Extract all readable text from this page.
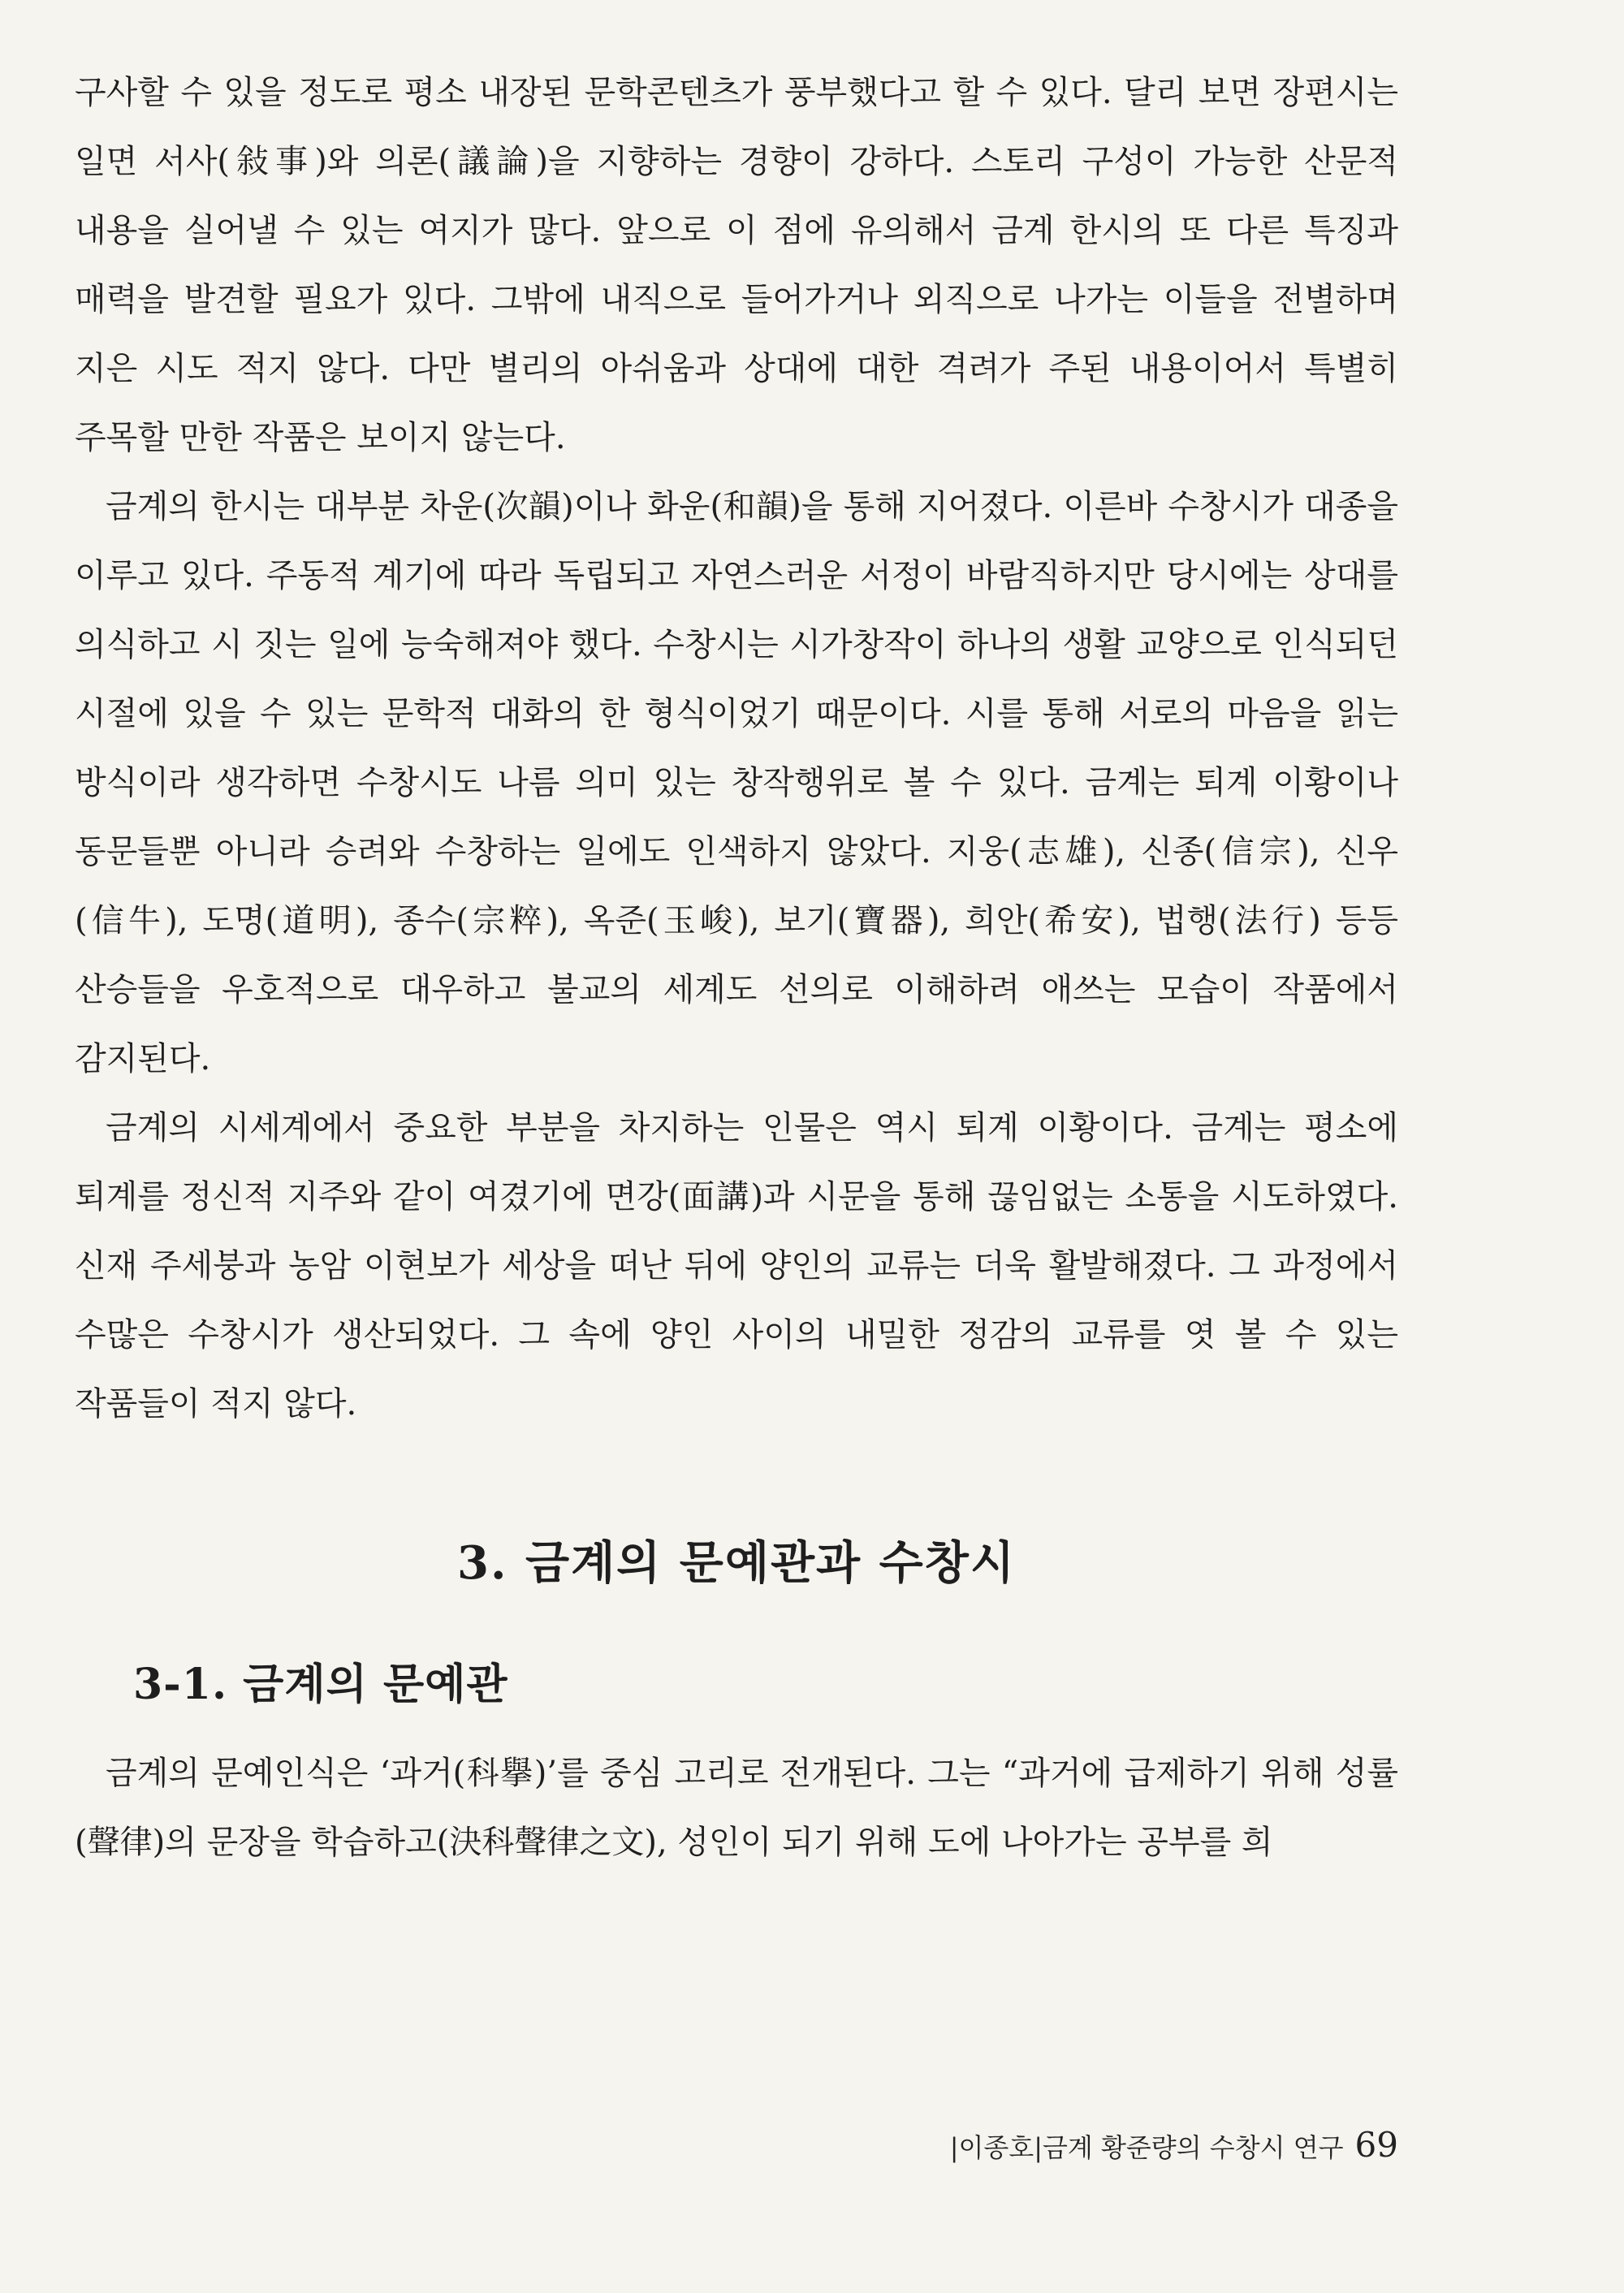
구사할 수 있을 정도로 평소 내장된 문학콘텐츠가 풍부했다고 할 수 있다. 달리 보면 장편시는 일면 서사(敍事)와 의론(議論)을 지향하는 경향이 강하다. 스토리 구성이 가능한 산문적 내용을 실어낼 수 있는 여지가 많다. 앞으로 이 점에 유의해서 금계 한시의 또 다른 특징과 매력을 발견할 필요가 있다. 그밖에 내직으로 들어가거나 외직으로 나가는 이들을 전별하며 지은 시도 적지 않다. 다만 별리의 아쉬움과 상대에 대한 격려가 주된 내용이어서 특별히 주목할 만한 작품은 보이지 않는다.

금계의 한시는 대부분 차운(次韻)이나 화운(和韻)을 통해 지어졌다. 이른바 수창시가 대종을 이루고 있다. 주동적 계기에 따라 독립되고 자연스러운 서정이 바람직하지만 당시에는 상대를 의식하고 시 짓는 일에 능숙해져야 했다. 수창시는 시가창작이 하나의 생활 교양으로 인식되던 시절에 있을 수 있는 문학적 대화의 한 형식이었기 때문이다. 시를 통해 서로의 마음을 읽는 방식이라 생각하면 수창시도 나름 의미 있는 창작행위로 볼 수 있다. 금계는 퇴계 이황이나 동문들뿐 아니라 승려와 수창하는 일에도 인색하지 않았다. 지웅(志雄), 신종(信宗), 신우(信牛), 도명(道明), 종수(宗粹), 옥준(玉峻), 보기(寶器), 희안(希安), 법행(法行) 등등 산승들을 우호적으로 대우하고 불교의 세계도 선의로 이해하려 애쓰는 모습이 작품에서 감지된다.

금계의 시세계에서 중요한 부분을 차지하는 인물은 역시 퇴계 이황이다. 금계는 평소에 퇴계를 정신적 지주와 같이 여겼기에 면강(面講)과 시문을 통해 끊임없는 소통을 시도하였다. 신재 주세붕과 농암 이현보가 세상을 떠난 뒤에 양인의 교류는 더욱 활발해졌다. 그 과정에서 수많은 수창시가 생산되었다. 그 속에 양인 사이의 내밀한 정감의 교류를 엿 볼 수 있는 작품들이 적지 않다.

3. 금계의 문예관과 수창시
3-1. 금계의 문예관

금계의 문예인식은 ‘과거(科擧)’를 중심 고리로 전개된다. 그는 “과거에 급제하기 위해 성률(聲律)의 문장을 학습하고(決科聲律之文), 성인이 되기 위해 도에 나아가는 공부를 희

|이종호|금계 황준량의 수창시 연구 69
